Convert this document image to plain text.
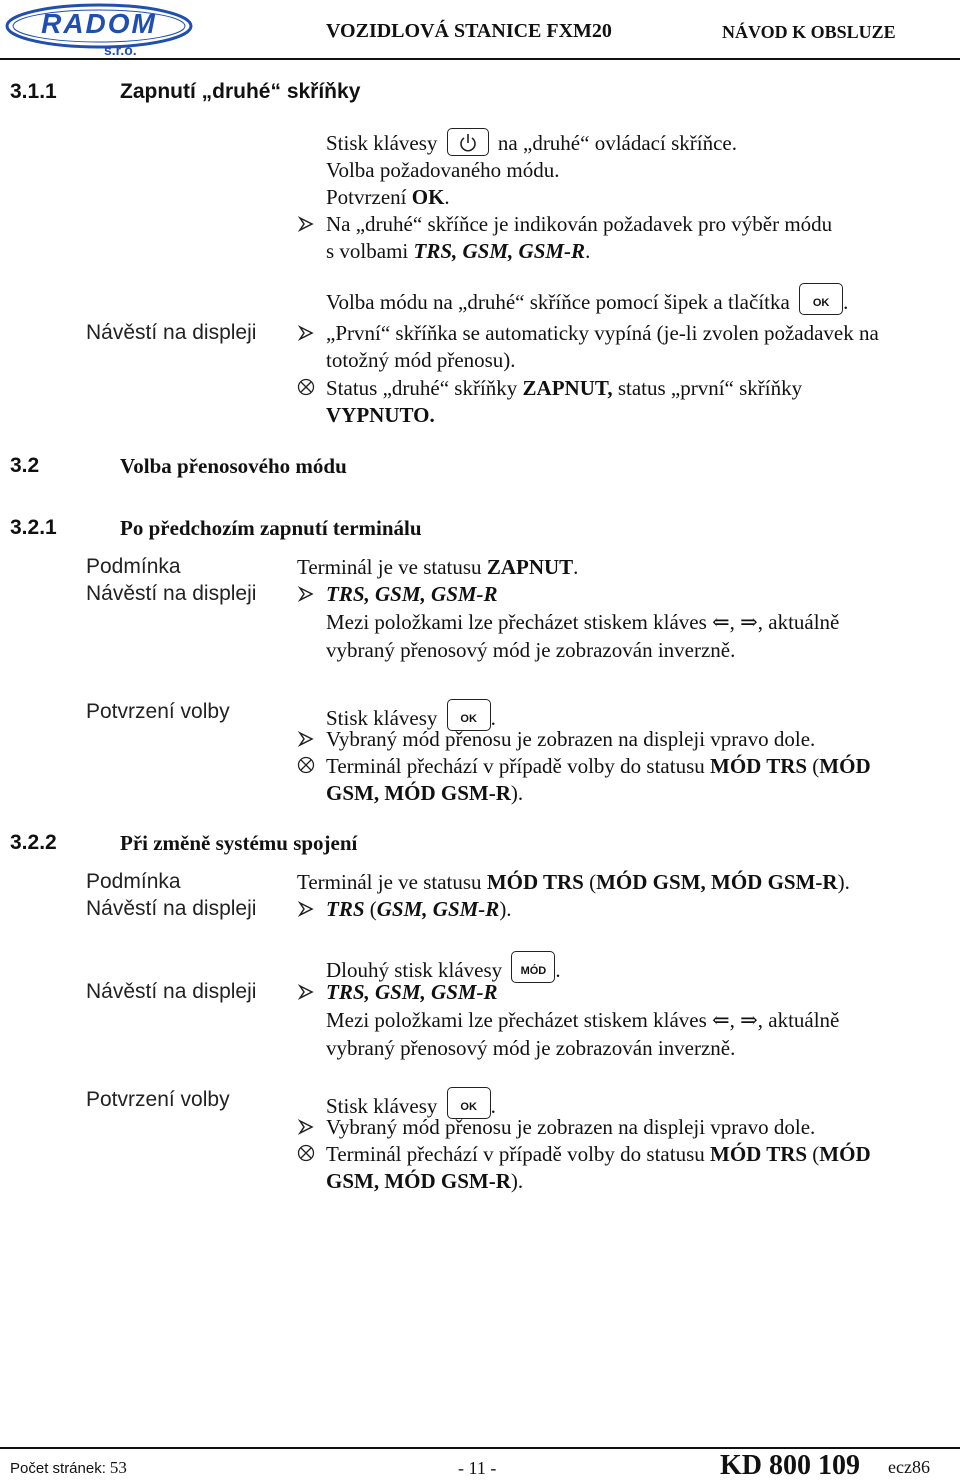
RADOM
s.r.o.
VOZIDLOVÁ STANICE FXM20	NÁVOD K OBSLUZE
3.1.1	Zapnutí „druhé“ skříňky
Stisk klávesy	na „druhé“ ovládací skříňce.
Volba požadovaného módu.
Potvrzení OK.
Na „druhé“ skříňce je indikován požadavek pro výběr módu
s volbami TRS, GSM, GSM-R.
Volba módu na „druhé“ skříňce pomocí šipek a tlačítka	OK .
Návěstí na displeji	„První“ skříňka se automaticky vypíná (je-li zvolen požadavek na
totožný mód přenosu).
Status „druhé“ skříňky ZAPNUT, status „první“ skříňky
VYPNUTO.
3.2	Volba přenosového módu
3.2.1	Po předchozím zapnutí terminálu
Podmínka	Terminál je ve statusu ZAPNUT.
Návěstí na displeji	TRS, GSM, GSM-R
Mezi položkami lze přecházet stiskem kláves ⇐, ⇒, aktuálně
vybraný přenosový mód je zobrazován inverzně.
Potvrzení volby	Stisk klávesy	OK .
Vybraný mód přenosu je zobrazen na displeji vpravo dole.
Terminál přechází v případě volby do statusu MÓD TRS (MÓD
GSM, MÓD GSM-R).
3.2.2	Při změně systému spojení
Podmínka	Terminál je ve statusu MÓD TRS (MÓD GSM, MÓD GSM-R).
Návěstí na displeji	TRS (GSM, GSM-R).
Dlouhý stisk klávesy	MÓD .
Návěstí na displeji	TRS, GSM, GSM-R
Mezi položkami lze přecházet stiskem kláves ⇐, ⇒, aktuálně
vybraný přenosový mód je zobrazován inverzně.
Potvrzení volby	Stisk klávesy	OK .
Vybraný mód přenosu je zobrazen na displeji vpravo dole.
Terminál přechází v případě volby do statusu MÓD TRS (MÓD
GSM, MÓD GSM-R).
Počet stránek: 53	- 11 -	KD 800 109 ecz86
